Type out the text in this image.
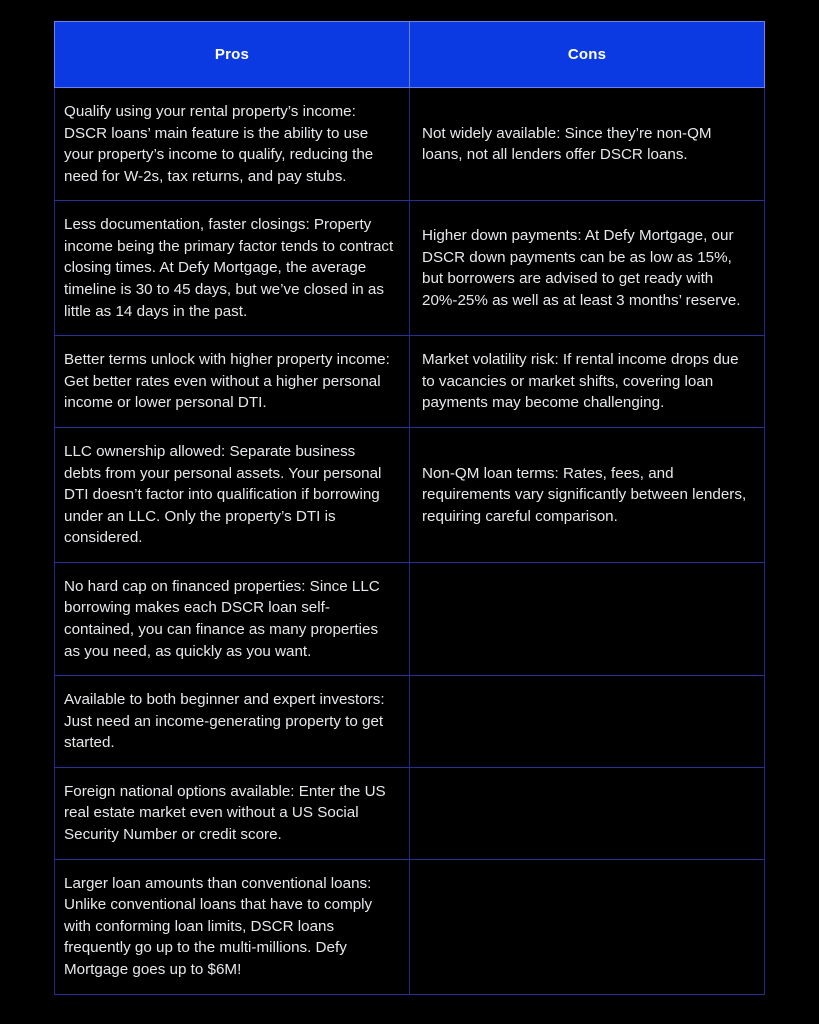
Pros	Cons
Qualify using your rental property’s income: DSCR loans’ main feature is the ability to use your property’s income to qualify, reducing the need for W-2s, tax returns, and pay stubs.	Not widely available: Since they’re non-QM loans, not all lenders offer DSCR loans.
Less documentation, faster closings: Property income being the primary factor tends to contract closing times. At Defy Mortgage, the average timeline is 30 to 45 days, but we’ve closed in as little as 14 days in the past.	Higher down payments: At Defy Mortgage, our DSCR down payments can be as low as 15%, but borrowers are advised to get ready with 20%-25% as well as at least 3 months’ reserve.
Better terms unlock with higher property income: Get better rates even without a higher personal income or lower personal DTI.	Market volatility risk: If rental income drops due to vacancies or market shifts, covering loan payments may become challenging.
LLC ownership allowed: Separate business debts from your personal assets. Your personal DTI doesn’t factor into qualification if borrowing under an LLC. Only the property’s DTI is considered.	Non-QM loan terms: Rates, fees, and requirements vary significantly between lenders, requiring careful comparison.
No hard cap on financed properties: Since LLC borrowing makes each DSCR loan self-contained, you can finance as many properties as you need, as quickly as you want.	
Available to both beginner and expert investors: Just need an income-generating property to get started.	
Foreign national options available: Enter the US real estate market even without a US Social Security Number or credit score.	
Larger loan amounts than conventional loans: Unlike conventional loans that have to comply with conforming loan limits, DSCR loans frequently go up to the multi-millions. Defy Mortgage goes up to $6M!	
